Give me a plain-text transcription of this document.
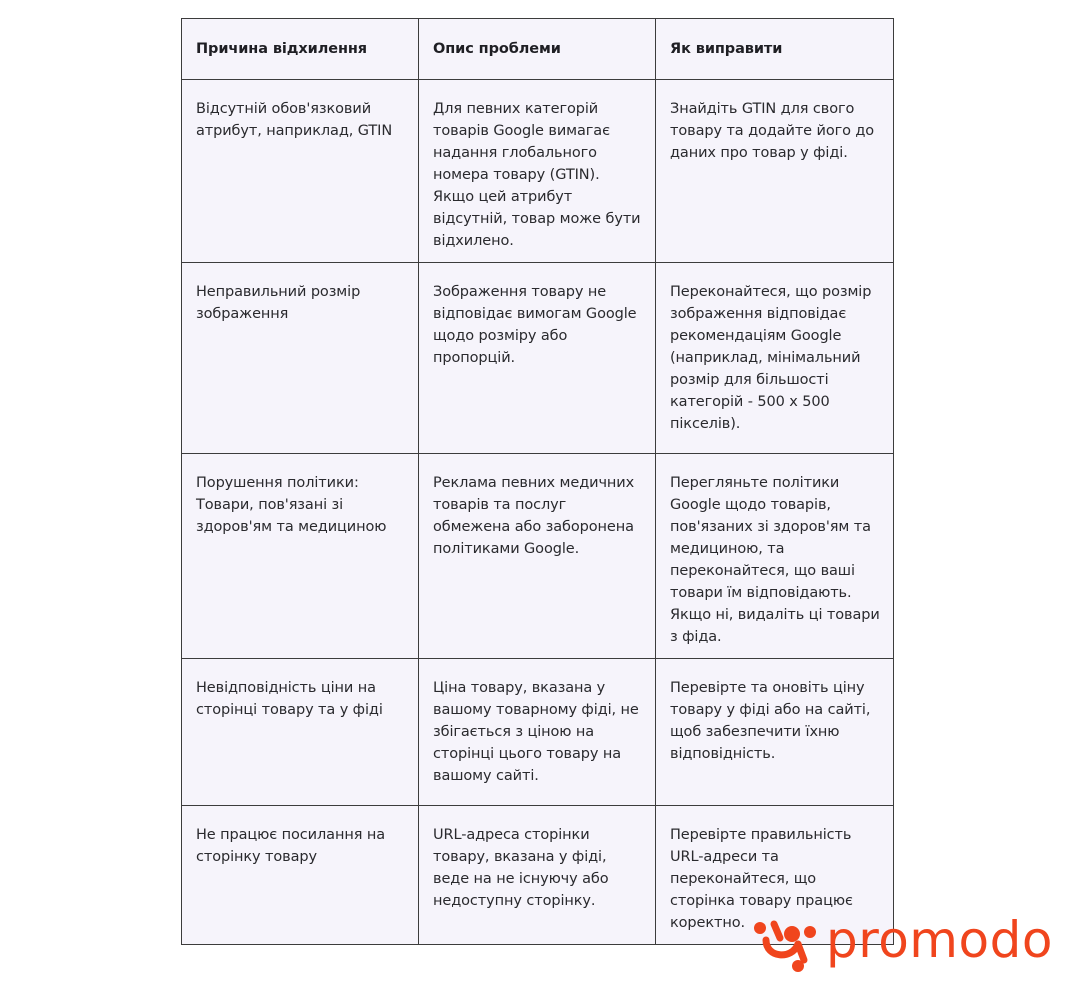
Причина відхилення	Опис проблеми	Як виправити
Відсутній обов'язковий атрибут, наприклад, GTIN	Для певних категорій товарів Google вимагає надання глобального номера товару (GTIN). Якщо цей атрибут відсутній, товар може бути відхилено.	Знайдіть GTIN для свого товару та додайте його до даних про товар у фіді.
Неправильний розмір зображення	Зображення товару не відповідає вимогам Google щодо розміру або пропорцій.	Переконайтеся, що розмір зображення відповідає рекомендаціям Google (наприклад, мінімальний розмір для більшості категорій - 500 x 500 пікселів).
Порушення політики: Товари, пов'язані зі здоров'ям та медициною	Реклама певних медичних товарів та послуг обмежена або заборонена політиками Google.	Перегляньте політики Google щодо товарів, пов'язаних зі здоров'ям та медициною, та переконайтеся, що ваші товари їм відповідають. Якщо ні, видаліть ці товари з фіда.
Невідповідність ціни на сторінці товару та у фіді	Ціна товару, вказана у вашому товарному фіді, не збігається з ціною на сторінці цього товару на вашому сайті.	Перевірте та оновіть ціну товару у фіді або на сайті, щоб забезпечити їхню відповідність.
Не працює посилання на сторінку товару	URL-адреса сторінки товару, вказана у фіді, веде на не існуючу або недоступну сторінку.	Перевірте правильність URL-адреси та переконайтеся, що сторінка товару працює коректно. promodo
